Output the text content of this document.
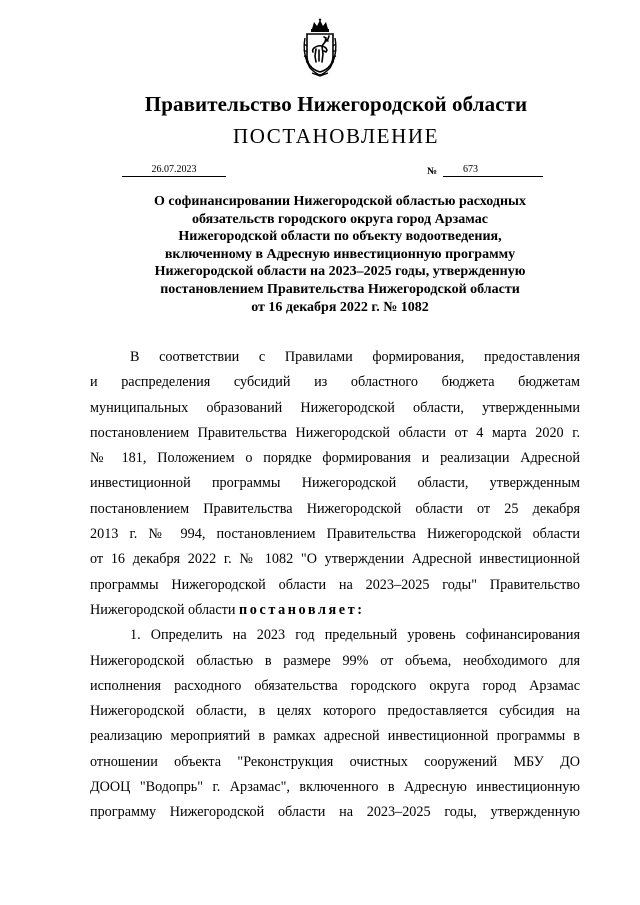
Правительство Нижегородской области
ПОСТАНОВЛЕНИЕ
26.07.2023	№	673
О софинансировании Нижегородской областью расходных
обязательств городского округа город Арзамас
Нижегородской области по объекту водоотведения,
включенному в Адресную инвестиционную программу
Нижегородской области на 2023–2025 годы, утвержденную
постановлением Правительства Нижегородской области
от 16 декабря 2022 г. № 1082
В соответствии с Правилами формирования, предоставления
и распределения субсидий из областного бюджета бюджетам
муниципальных образований Нижегородской области, утвержденными
постановлением Правительства Нижегородской области от 4 марта 2020 г.
№ 181, Положением о порядке формирования и реализации Адресной
инвестиционной программы Нижегородской области, утвержденным
постановлением Правительства Нижегородской области от 25 декабря
2013 г. № 994, постановлением Правительства Нижегородской области
от 16 декабря 2022 г. № 1082 "О утверждении Адресной инвестиционной
программы Нижегородской области на 2023–2025 годы" Правительство
Нижегородской области постановляет:
1. Определить на 2023 год предельный уровень софинансирования
Нижегородской областью в размере 99% от объема, необходимого для
исполнения расходного обязательства городского округа город Арзамас
Нижегородской области, в целях которого предоставляется субсидия на
реализацию мероприятий в рамках адресной инвестиционной программы в
отношении объекта "Реконструкция очистных сооружений МБУ ДО
ДООЦ "Водопрь" г. Арзамас", включенного в Адресную инвестиционную
программу Нижегородской области на 2023–2025 годы, утвержденную
